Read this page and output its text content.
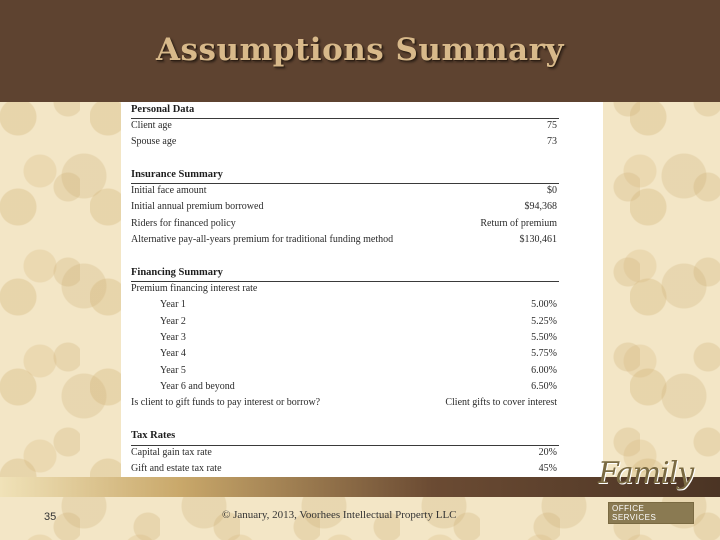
Assumptions Summary
Personal Data
Client age	75
Spouse age	73
Insurance Summary
Initial face amount	$0
Initial annual premium borrowed	$94,368
Riders for financed policy	Return of premium
Alternative pay-all-years premium for traditional funding method	$130,461
Financing Summary
Premium financing interest rate
Year 1	5.00%
Year 2	5.25%
Year 3	5.50%
Year 4	5.75%
Year 5	6.00%
Year 6 and beyond	6.50%
Is client to gift funds to pay interest or borrow?	Client gifts to cover interest
Tax Rates
Capital gain tax rate	20%
Gift and estate tax rate	45%
35	© January, 2013, Voorhees Intellectual Property LLC
Family
OFFICE SERVICES
